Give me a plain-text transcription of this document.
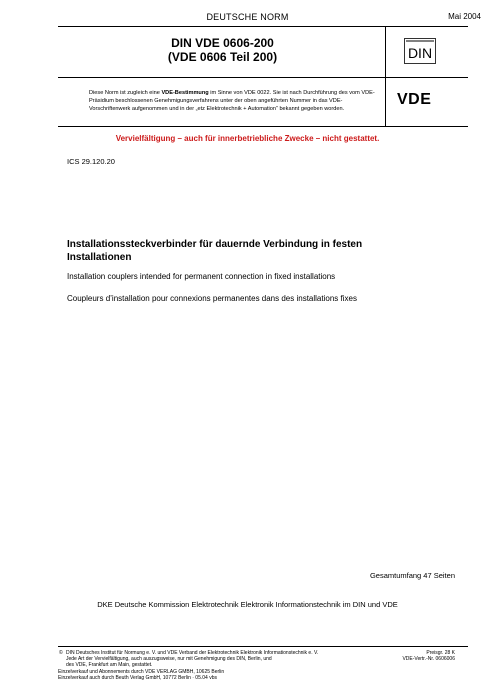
DEUTSCHE NORM	Mai 2004
DIN VDE 0606-200
(VDE 0606 Teil 200)	DIN
Diese Norm ist zugleich eine VDE-Bestimmung im Sinne von VDE 0022. Sie ist nach Durchführung des vom VDE-Präsidium beschlossenen Genehmigungsverfahrens unter der oben angeführten Nummer in das VDE-Vorschriftenwerk aufgenommen und in der „etz Elektrotechnik + Automation“ bekannt gegeben worden.
VDE
Vervielfältigung – auch für innerbetriebliche Zwecke – nicht gestattet.
ICS 29.120.20
Installationssteckverbinder für dauernde Verbindung in festen Installationen
Installation couplers intended for permanent connection in fixed installations
Coupleurs d’installation pour connexions permanentes dans des installations fixes
Gesamtumfang 47 Seiten
DKE Deutsche Kommission Elektrotechnik Elektronik Informationstechnik im DIN und VDE
© DIN Deutsches Institut für Normung e. V. und VDE Verband der Elektrotechnik Elektronik Informationstechnik e. V.
Jede Art der Vervielfältigung, auch auszugsweise, nur mit Genehmigung des DIN, Berlin, und
des VDE, Frankfurt am Main, gestattet.
Einzelverkauf und Abonnements durch VDE VERLAG GMBH, 10625 Berlin
Einzelverkauf auch durch Beuth Verlag GmbH, 10772 Berlin · 05.04 vbs
Preisgr. 28 K
VDE-Vertr.-Nr. 0606006
